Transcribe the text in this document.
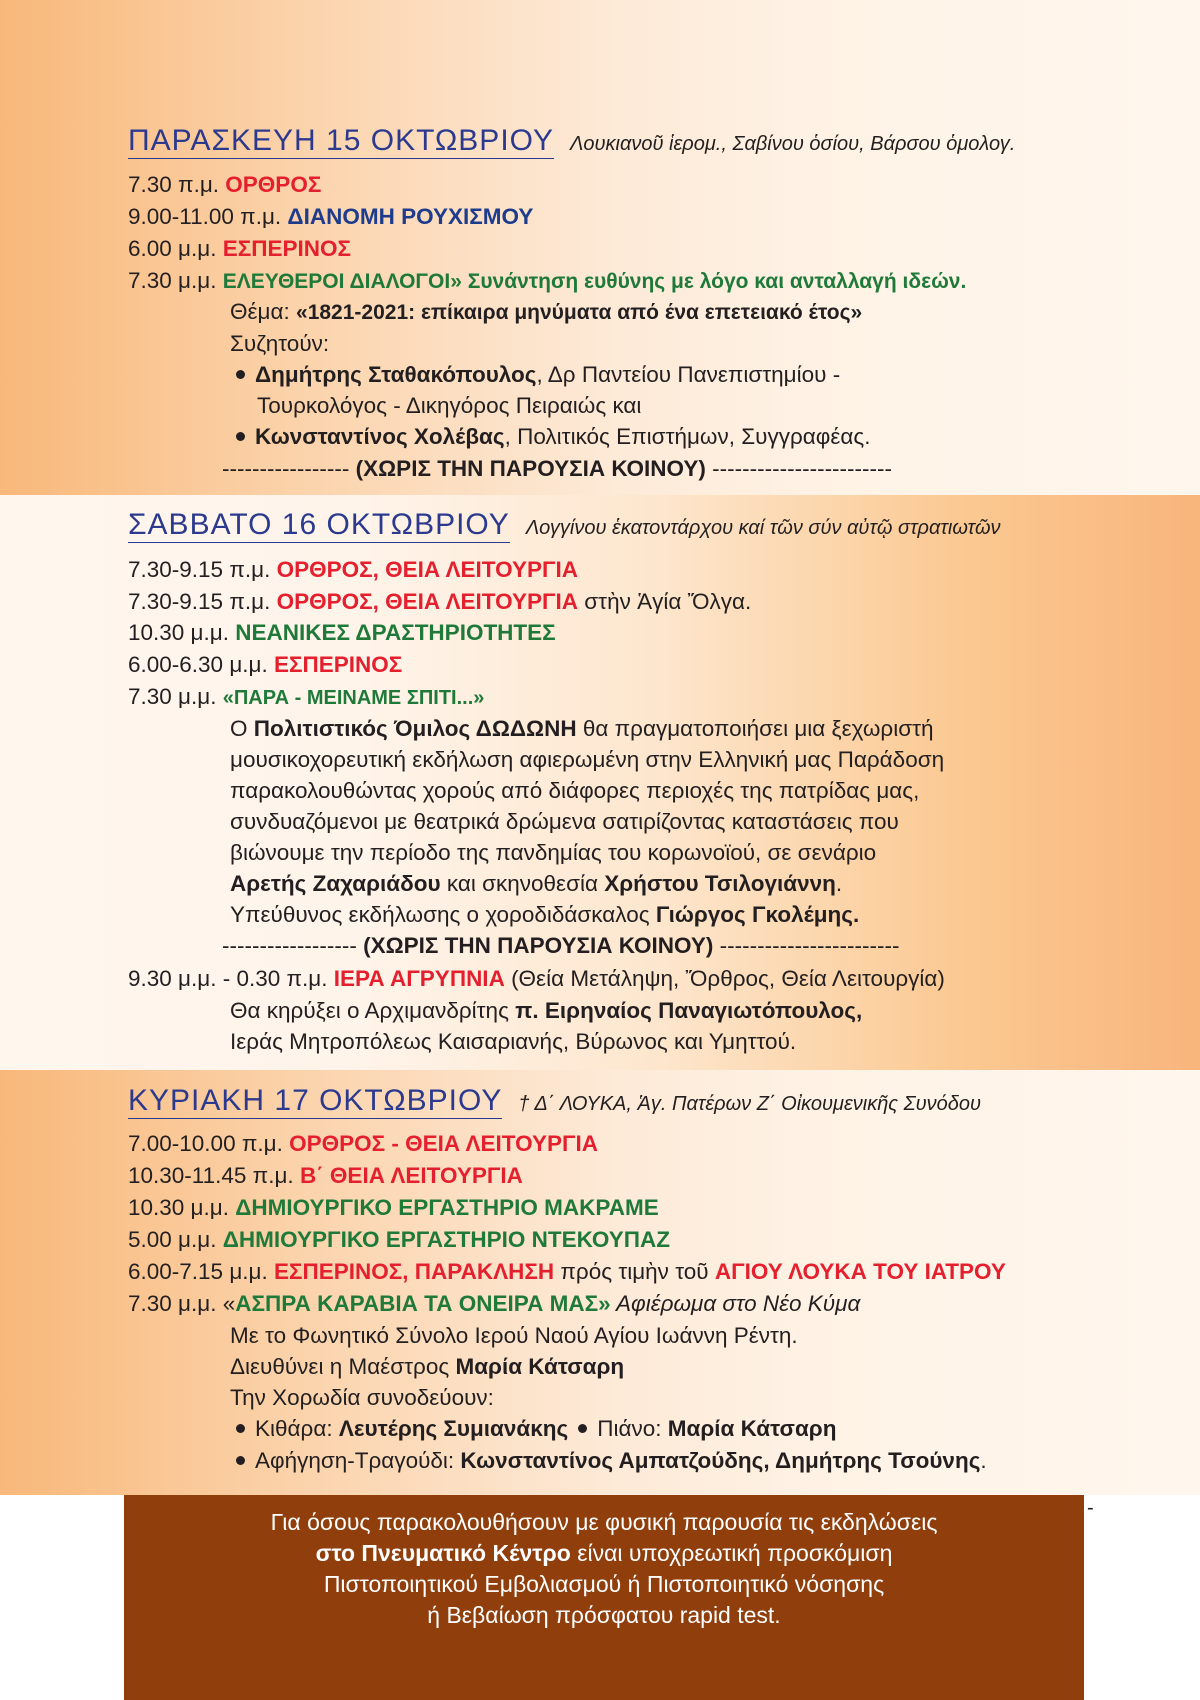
ΠΑΡΑΣΚΕΥΗ 15 ΟΚΤΩΒΡΙΟΥ Λουκιανοῦ ἱερομ., Σαβίνου ὁσίου, Βάρσου ὁμολογ.
7.30 π.μ. ΟΡΘΡΟΣ
9.00-11.00 π.μ. ΔΙΑΝΟΜΗ ΡΟΥΧΙΣΜΟΥ
6.00 μ.μ. ΕΣΠΕΡΙΝΟΣ
7.30 μ.μ. ΕΛΕΥΘΕΡΟΙ ΔΙΑΛΟΓΟΙ» Συνάντηση ευθύνης με λόγο και ανταλλαγή ιδεών.
Θέμα: «1821-2021: επίκαιρα μηνύματα από ένα επετειακό έτος»
Συζητούν:
Δημήτρης Σταθακόπουλος, Δρ Παντείου Πανεπιστημίου -
Τουρκολόγος - Δικηγόρος Πειραιώς και
Κωνσταντίνος Χολέβας, Πολιτικός Επιστήμων, Συγγραφέας.
----------------- (ΧΩΡΙΣ ΤΗΝ ΠΑΡΟΥΣΙΑ ΚΟΙΝΟΥ) ------------------------
ΣΑΒΒΑΤΟ 16 ΟΚΤΩΒΡΙΟΥ Λογγίνου ἑκατοντάρχου καί τῶν σύν αὐτῷ στρατιωτῶν
7.30-9.15 π.μ. ΟΡΘΡΟΣ, ΘΕΙΑ ΛΕΙΤΟΥΡΓΙΑ
7.30-9.15 π.μ. ΟΡΘΡΟΣ, ΘΕΙΑ ΛΕΙΤΟΥΡΓΙΑ στὴν Ἁγία Ὄλγα.
10.30 μ.μ. ΝΕΑΝΙΚΕΣ ΔΡΑΣΤΗΡΙΟΤΗΤΕΣ
6.00-6.30 μ.μ. ΕΣΠΕΡΙΝΟΣ
7.30 μ.μ. «ΠΑΡΑ - ΜΕΙΝΑΜΕ ΣΠΙΤΙ...»
Ο Πολιτιστικός Όμιλος ΔΩΔΩΝΗ θα πραγματοποιήσει μια ξεχωριστή
μουσικοχορευτική εκδήλωση αφιερωμένη στην Ελληνική μας Παράδοση
παρακολουθώντας χορούς από διάφορες περιοχές της πατρίδας μας,
συνδυαζόμενοι με θεατρικά δρώμενα σατιρίζοντας καταστάσεις που
βιώνουμε την περίοδο της πανδημίας του κορωνοϊού, σε σενάριο
Αρετής Ζαχαριάδου και σκηνοθεσία Χρήστου Τσιλογιάννη.
Υπεύθυνος εκδήλωσης ο χοροδιδάσκαλος Γιώργος Γκολέμης.
------------------ (ΧΩΡΙΣ ΤΗΝ ΠΑΡΟΥΣΙΑ ΚΟΙΝΟΥ) ------------------------
9.30 μ.μ. - 0.30 π.μ. ΙΕΡΑ ΑΓΡΥΠΝΙΑ (Θεία Μετάληψη, Ὄρθρος, Θεία Λειτουργία)
Θα κηρύξει ο Αρχιμανδρίτης π. Ειρηναίος Παναγιωτόπουλος,
Ιεράς Μητροπόλεως Καισαριανής, Βύρωνος και Υμηττού.
ΚΥΡΙΑΚΗ 17 ΟΚΤΩΒΡΙΟΥ † Δ΄ ΛΟΥΚΑ, Ἁγ. Πατέρων Ζ΄ Οἰκουμενικῆς Συνόδου
7.00-10.00 π.μ. ΟΡΘΡΟΣ - ΘΕΙΑ ΛΕΙΤΟΥΡΓΙΑ
10.30-11.45 π.μ. Β΄ ΘΕΙΑ ΛΕΙΤΟΥΡΓΙΑ
10.30 μ.μ. ΔΗΜΙΟΥΡΓΙΚΟ ΕΡΓΑΣΤΗΡΙΟ ΜΑΚΡΑΜΕ
5.00 μ.μ. ΔΗΜΙΟΥΡΓΙΚΟ ΕΡΓΑΣΤΗΡΙΟ ΝΤΕΚΟΥΠΑΖ
6.00-7.15 μ.μ. ΕΣΠΕΡΙΝΟΣ, ΠΑΡΑΚΛΗΣΗ πρός τιμὴν τοῦ ΑΓΙΟΥ ΛΟΥΚΑ ΤΟΥ ΙΑΤΡΟΥ
7.30 μ.μ. «ΑΣΠΡΑ ΚΑΡΑΒΙΑ ΤΑ ΟΝΕΙΡΑ ΜΑΣ» Αφιέρωμα στο Νέο Κύμα
Με το Φωνητικό Σύνολο Ιερού Ναού Αγίου Ιωάννη Ρέντη.
Διευθύνει η Μαέστρος Μαρία Κάτσαρη
Την Χορωδία συνοδεύουν:
Κιθάρα: Λευτέρης Συμιανάκης Πιάνο: Μαρία Κάτσαρη
Αφήγηση-Τραγούδι: Κωνσταντίνος Αμπατζούδης, Δημήτρης Τσούνης.
Για όσους παρακολουθήσουν με φυσική παρουσία τις εκδηλώσεις
στο Πνευματικό Κέντρο είναι υποχρεωτική προσκόμιση
Πιστοποιητικού Εμβολιασμού ή Πιστοποιητικό νόσησης
ή Βεβαίωση πρόσφατου rapid test.
-
